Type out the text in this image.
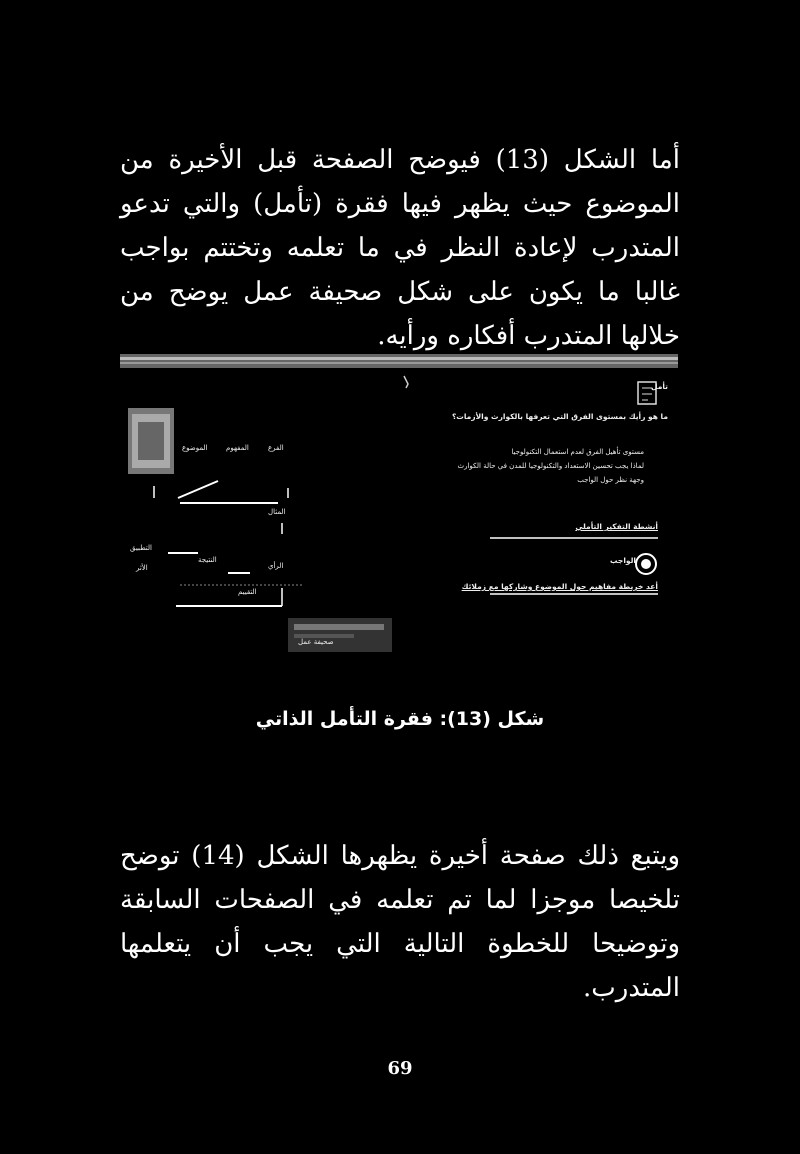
أما الشكل (13) فيوضح الصفحة قبل الأخيرة من الموضوع حيث يظهر فيها فقرة (تأمل) والتي تدعو المتدرب لإعادة النظر في ما تعلمه وتختتم بواجب غالبا ما يكون على شكل صحيفة عمل يوضح من خلالها المتدرب أفكاره ورأيه.

تأمل
ما هو رأيك بمستوى الفرق التي تعرفها بالكوارث والأزمات؟
مستوى تأهيل الفرق لعدم استعمال التكنولوجيا
لماذا يجب تحسين الاستعداد والتكنولوجيا للمدن في حالة الكوارث
وجهة نظر حول الواجب
أنشطة التفكير التأملي
الواجب
أعد خريطة مفاهيم حول الموضوع وشاركها مع زملائك
الموضوع	المفهوم	الفرع
المثال
التطبيق
النتيجة
الأثر	الرأي
التقييم
صحيفة عمل
شكل (13): فقرة التأمل الذاتي

ويتبع ذلك صفحة أخيرة يظهرها الشكل (14) توضح تلخيصا موجزا لما تم تعلمه في الصفحات السابقة وتوضيحا للخطوة التالية التي يجب أن يتعلمها المتدرب.

69
